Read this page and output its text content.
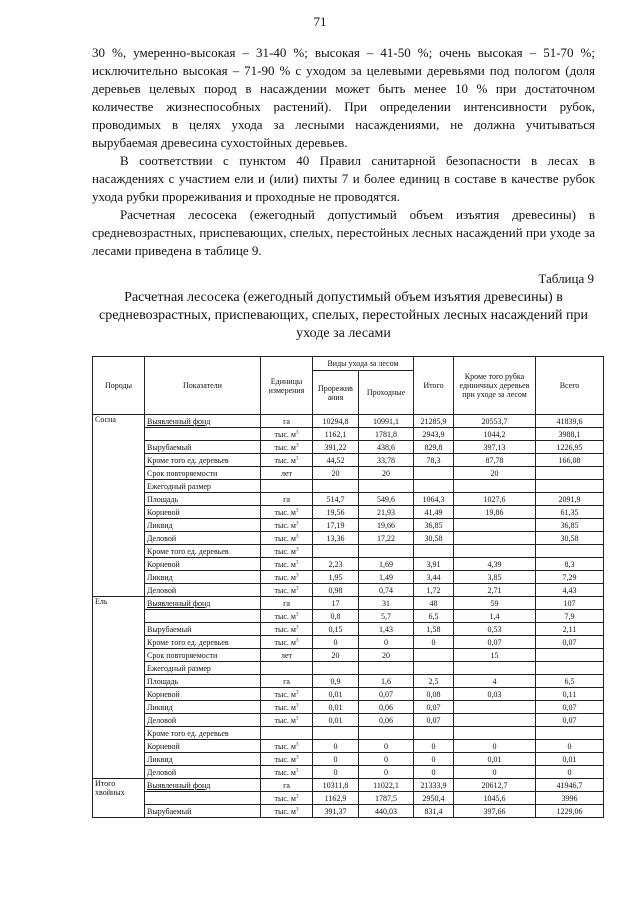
71

30 %, умеренно-высокая – 31-40 %; высокая – 41-50 %; очень высокая – 51-70 %; исключительно высокая – 71-90 % с уходом за целевыми деревьями под пологом (доля деревьев целевых пород в насаждении может быть менее 10 % при достаточном количестве жизнеспособных растений). При определении интенсивности рубок, проводимых в целях ухода за лесными насаждениями, не должна учитываться вырубаемая древесина сухостойных деревьев.

В соответствии с пунктом 40 Правил санитарной безопасности в лесах в насаждениях с участием ели и (или) пихты 7 и более единиц в составе в качестве рубок ухода рубки прореживания и проходные не проводятся.

Расчетная лесосека (ежегодный допустимый объем изъятия древесины) в средневозрастных, приспевающих, спелых, перестойных лесных насаждений при уходе за лесами приведена в таблице 9.

Таблица 9
Расчетная лесосека (ежегодный допустимый объем изъятия древесины) в средневозрастных, приспевающих, спелых, перестойных лесных насаждений при уходе за лесами
Породы	Показатели	Единицы измерения	Виды ухода за лесом		Итого	Кроме того рубка единичных деревьев при уходе за лесом	Всего
			Прорежив ания	Проходные			
Сосна	Выявленный фонд	га	10294,8	10991,1	21285,9	20553,7	41839,6
		тыс. $м^3$	1162,1	1781,8	2943,9	1044,2	3988,1
	Вырубаемый	тыс. $м^3$	391,22	438,6	829,8	397,13	1226,95
	Кроме того ед. деревьев	тыс. $м^3$	44,52	33,78	78,3	87,78	166,08
	Срок повторяемости	лет	20	20		20	
	Ежегодный размер						
	Площадь	га	514,7	549,6	1064,3	1027,6	2091,9
	Корневой	тыс. $м^3$	19,56	21,93	41,49	19,86	61,35
	Ликвид	тыс. $м^3$	17,19	19,66	36,85		36,85
	Деловой	тыс. $м^3$	13,36	17,22	30,58		30,58
	Кроме того ед. деревьев	тыс. $м^3$					
	Корневой	тыс. $м^3$	2,23	1,69	3,91	4,39	8,3
	Ликвид	тыс. $м^3$	1,95	1,49	3,44	3,85	7,29
	Деловой	тыс. $м^3$	0,98	0,74	1,72	2,71	4,43
Ель	Выявленный фонд	га	17	31	48	59	107
		тыс. $м^3$	0,8	5,7	6,5	1,4	7,9
	Вырубаемый	тыс. $м^3$	0,15	1,43	1,58	0,53	2,11
	Кроме того ед. деревьев	тыс. $м^3$	0	0	0	0,07	0,07
	Срок повторяемости	лет	20	20		15	
	Ежегодный размер						
	Площадь	га	0,9	1,6	2,5	4	6,5
	Корневой	тыс. $м^3$	0,01	0,07	0,08	0,03	0,11
	Ликвид	тыс. $м^3$	0,01	0,06	0,07		0,07
	Деловой	тыс. $м^3$	0,01	0,06	0,07		0,07
	Кроме того ед. деревьев						
	Корневой	тыс. $м^3$	0	0	0	0	0
	Ликвид	тыс. $м^3$	0	0	0	0,01	0,01
	Деловой	тыс. $м^3$	0	0	0	0	0
Итого хвойных	Выявленный фонд	га	10311,8	11022,1	21333,9	20612,7	41946,7
		тыс. $м^3$	1162,9	1787,5	2950,4	1045,6	3996
	Вырубаемый	тыс. $м^3$	391,37	440,03	831,4	397,66	1229,06
